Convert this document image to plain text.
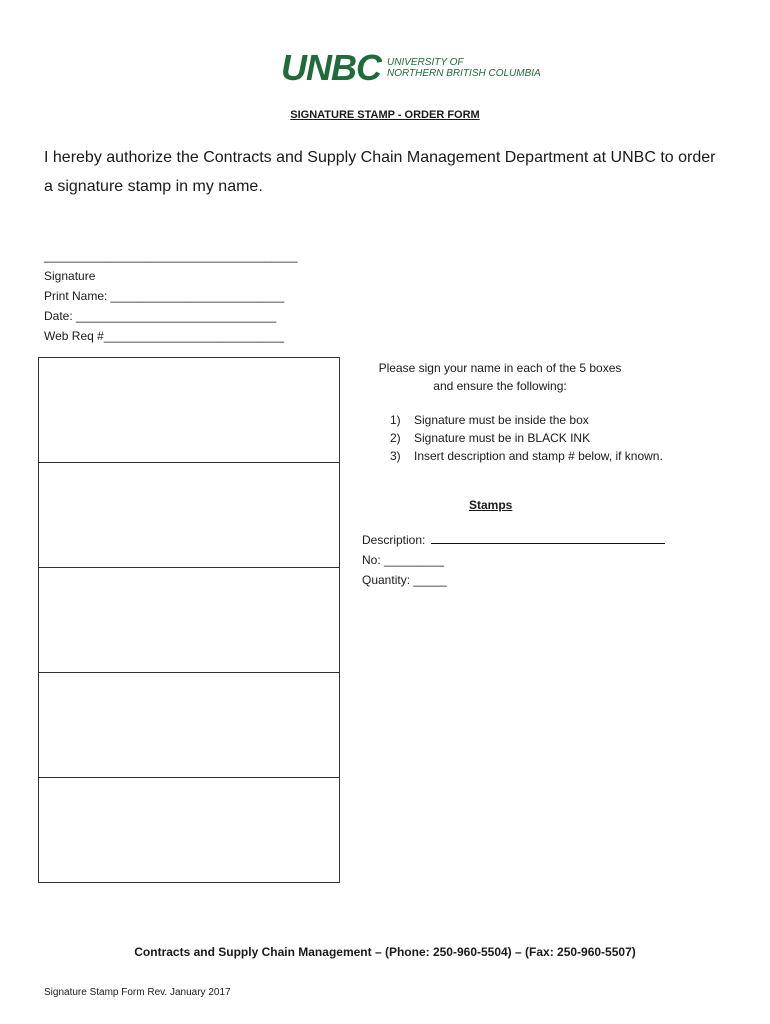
UNBC UNIVERSITY OF
NORTHERN BRITISH COLUMBIA
SIGNATURE STAMP - ORDER FORM
I hereby authorize the Contracts and Supply Chain Management Department at UNBC to order a signature stamp in my name.
______________________________________
Signature
Print Name: __________________________
Date: ______________________________
Web Req #___________________________
Please sign your name in each of the 5 boxes
and ensure the following:
1)	Signature must be inside the box
2)	Signature must be in BLACK INK
3)	Insert description and stamp # below, if known.
Stamps
Description:
No: _________
Quantity: _____
Contracts and Supply Chain Management – (Phone: 250-960-5504) – (Fax: 250-960-5507)
Signature Stamp Form Rev. January 2017
